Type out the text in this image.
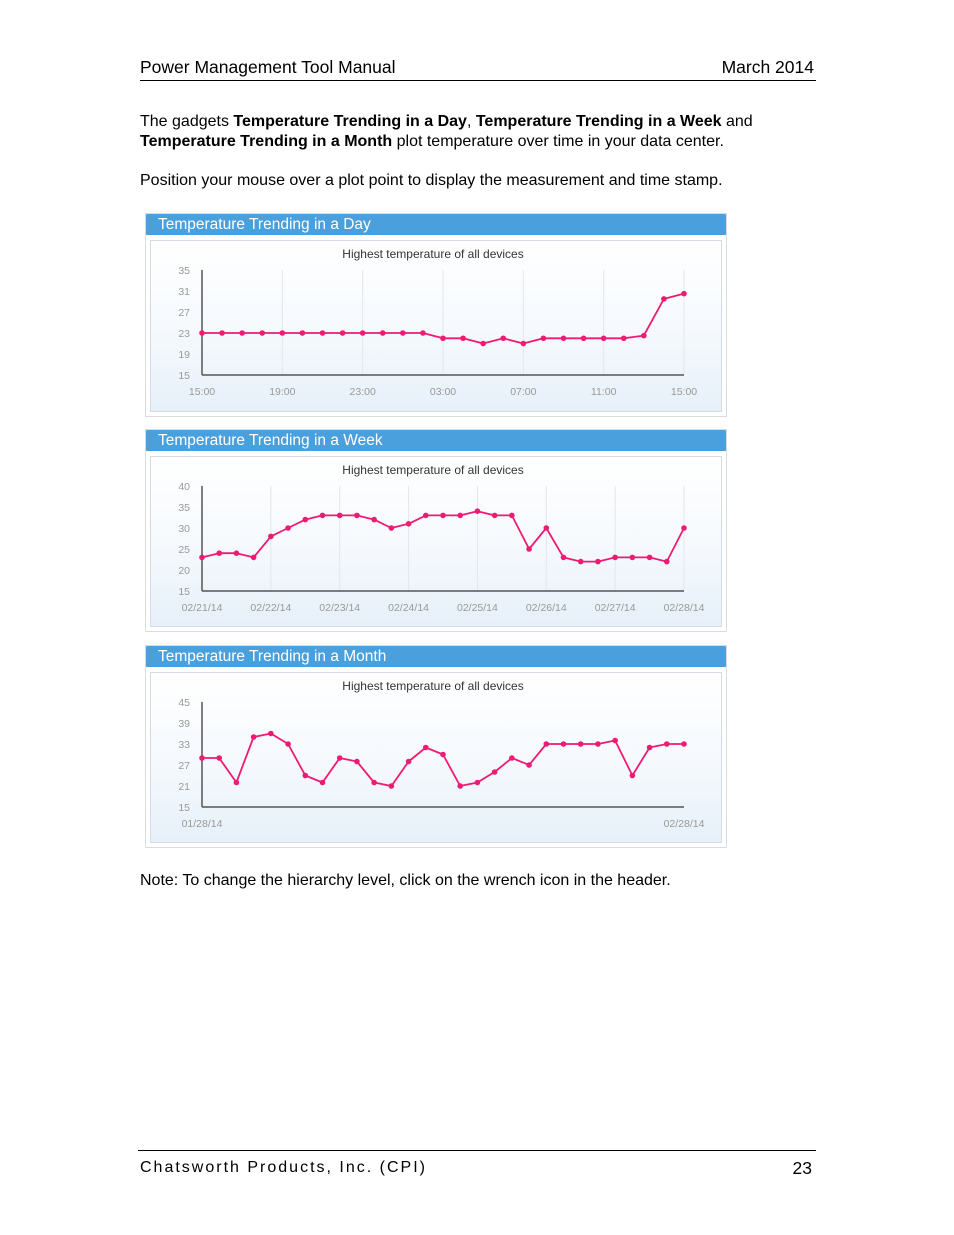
Power Management Tool Manual	March 2014

The gadgets Temperature Trending in a Day, Temperature Trending in a Week and Temperature Trending in a Month plot temperature over time in your data center.

Position your mouse over a plot point to display the measurement and time stamp.

Temperature Trending in a Day
Highest temperature of all devices
15
19
23
27
31
35
15:00	19:00	23:00	03:00	07:00	11:00	15:00
Temperature Trending in a Week
Highest temperature of all devices
15
20
25
30
35
40
02/21/14	02/22/14	02/23/14	02/24/14	02/25/14	02/26/14	02/27/14	02/28/14
Temperature Trending in a Month
Highest temperature of all devices
15
21
27
33
39
45
01/28/14	02/28/14

Note: To change the hierarchy level, click on the wrench icon in the header.

Chatsworth Products, Inc. (CPI)	23
